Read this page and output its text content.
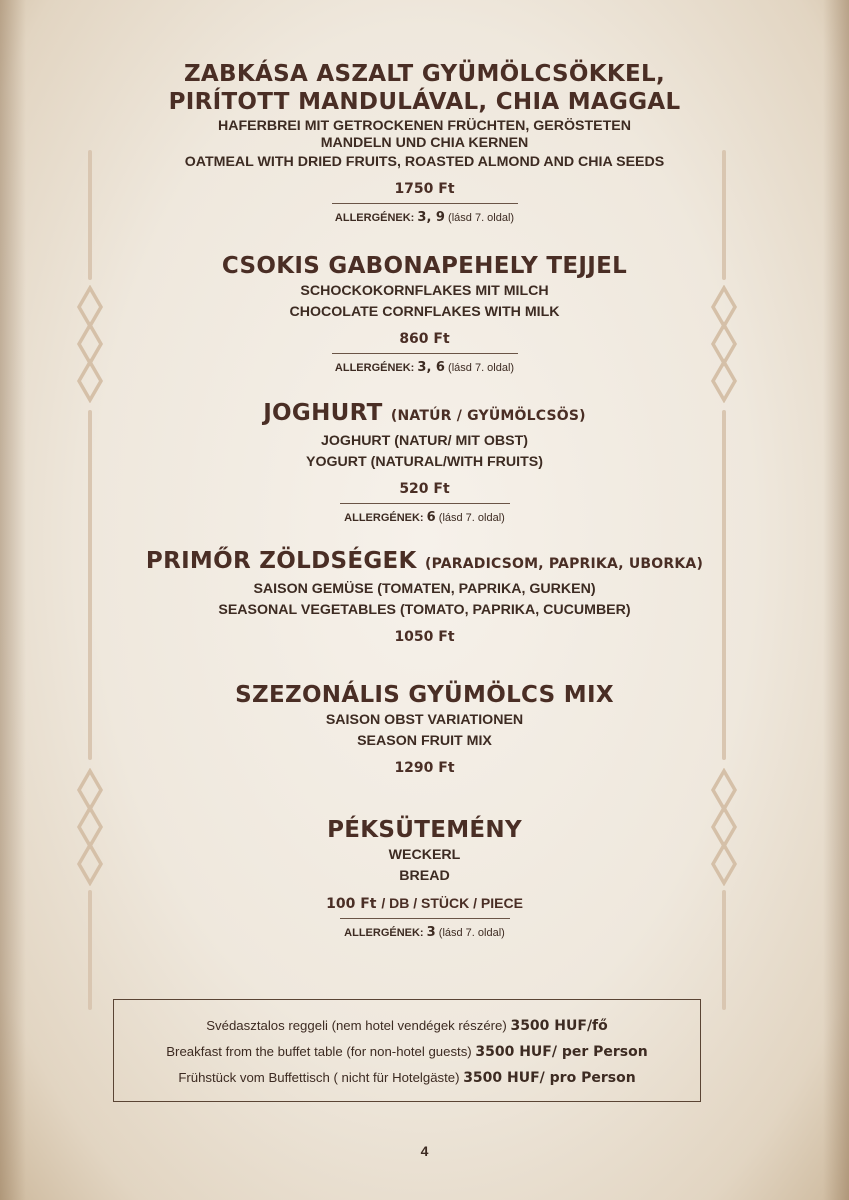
ZABKÁSA ASZALT GYÜMÖLCSÖKKEL,
PIRÍTOTT MANDULÁVAL, CHIA MAGGAL
HAFERBREI MIT GETROCKENEN FRÜCHTEN, GERÖSTETEN
MANDELN UND CHIA KERNEN
OATMEAL WITH DRIED FRUITS, ROASTED ALMOND AND CHIA SEEDS
1750 Ft
ALLERGÉNEK: 3, 9 (lásd 7. oldal)
CSOKIS GABONAPEHELY TEJJEL
SCHOCKOKORNFLAKES MIT MILCH
CHOCOLATE CORNFLAKES WITH MILK
860 Ft
ALLERGÉNEK: 3, 6 (lásd 7. oldal)
JOGHURT (NATÚR / GYÜMÖLCSÖS)
JOGHURT (NATUR/ MIT OBST)
YOGURT (NATURAL/WITH FRUITS)
520 Ft
ALLERGÉNEK: 6 (lásd 7. oldal)
PRIMŐR ZÖLDSÉGEK (PARADICSOM, PAPRIKA, UBORKA)
SAISON GEMÜSE (TOMATEN, PAPRIKA, GURKEN)
SEASONAL VEGETABLES (TOMATO, PAPRIKA, CUCUMBER)
1050 Ft
SZEZONÁLIS GYÜMÖLCS MIX
SAISON OBST VARIATIONEN
SEASON FRUIT MIX
1290 Ft
PÉKSÜTEMÉNY
WECKERL
BREAD
100 Ft / DB / STÜCK / PIECE
ALLERGÉNEK: 3 (lásd 7. oldal)
Svédasztalos reggeli (nem hotel vendégek részére) 3500 HUF/fő
Breakfast from the buffet table (for non-hotel guests) 3500 HUF/ per Person
Frühstück vom Buffettisch ( nicht für Hotelgäste) 3500 HUF/ pro Person
4
